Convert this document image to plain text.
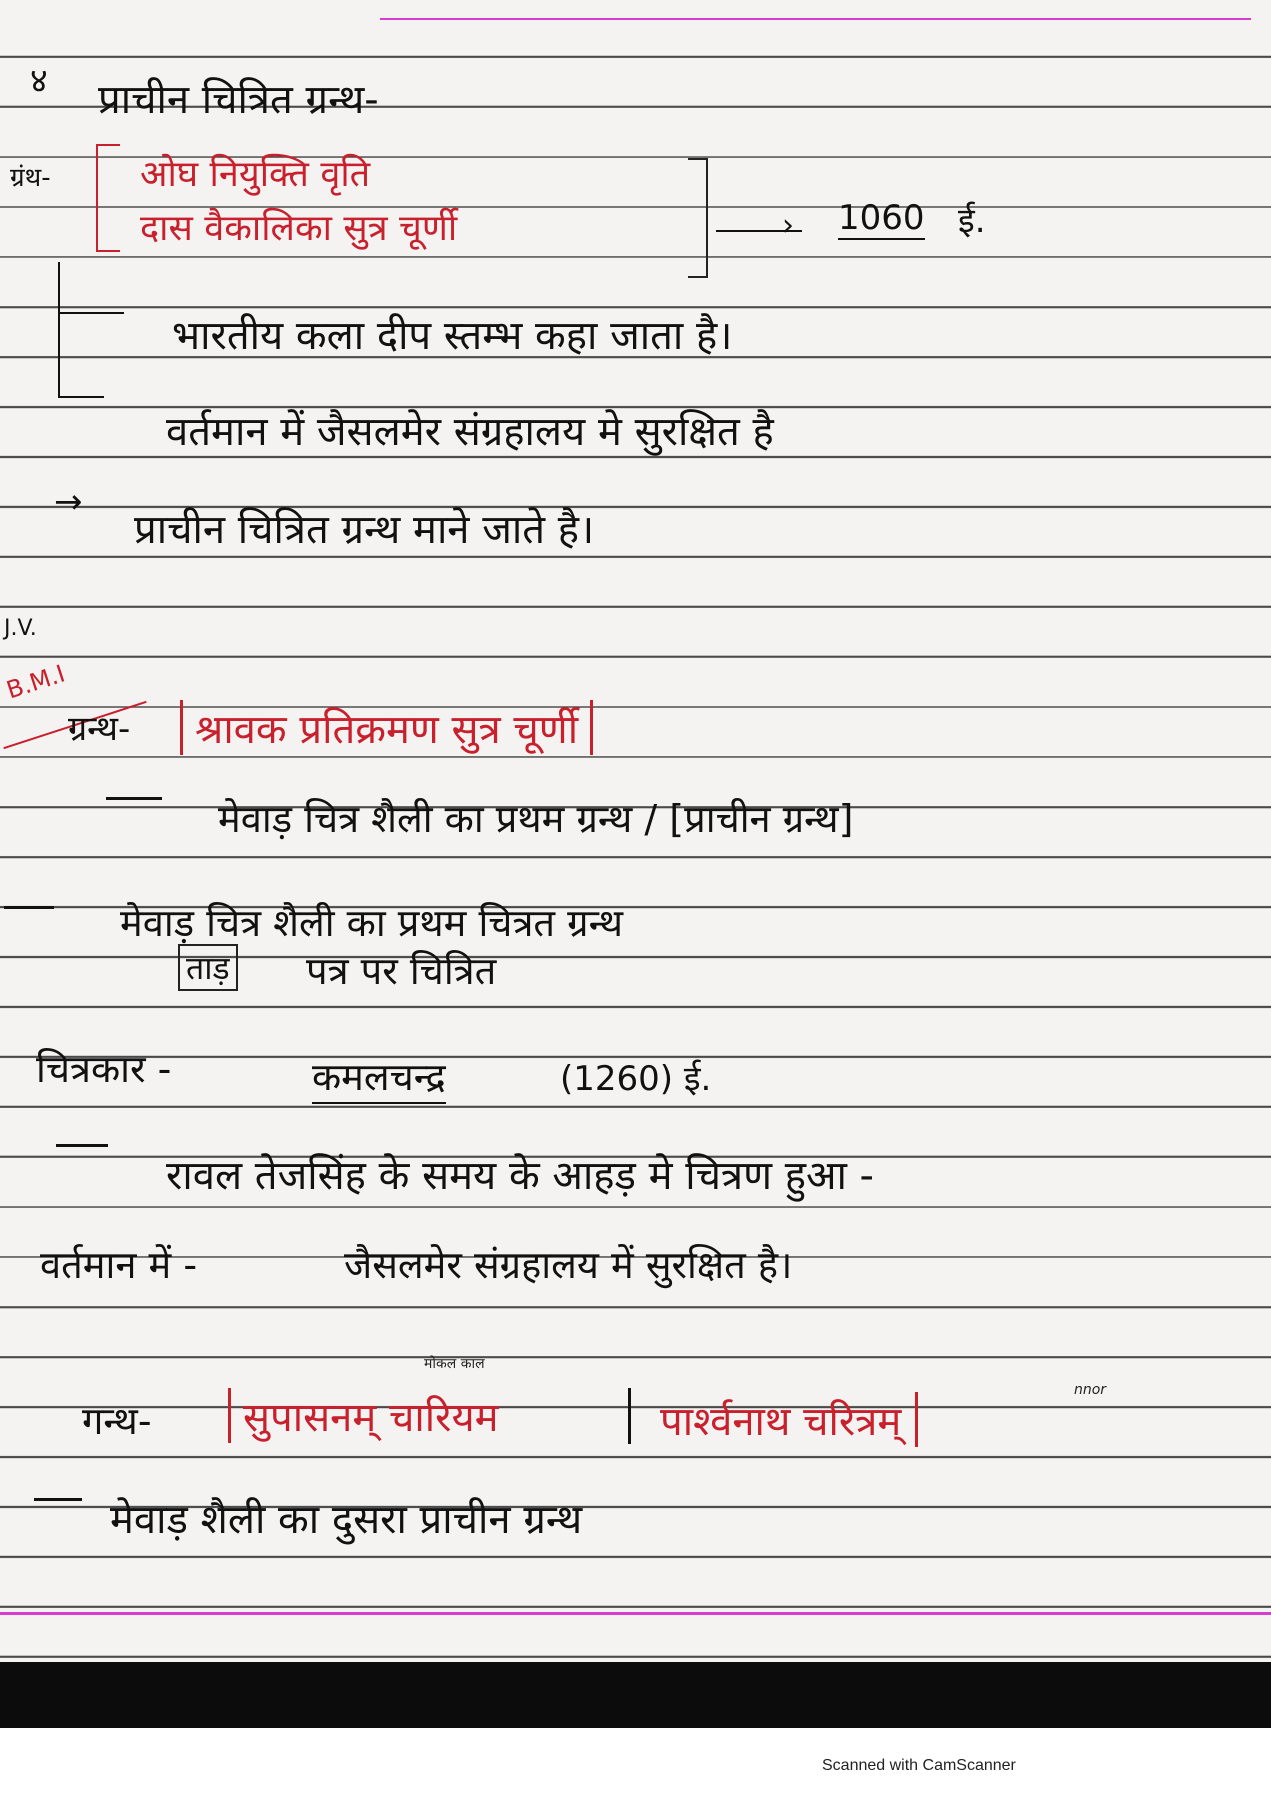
४ प्राचीन चित्रित ग्रन्थ-
ग्रंथ- ओघ नियुक्ति वृति
दास वैकालिका सुत्र चूर्णी	› 1060 ई.
भारतीय कला दीप स्तम्भ कहा जाता है।
वर्तमान में जैसलमेर संग्रहालय मे सुरक्षित है
→
प्राचीन चित्रित ग्रन्थ माने जाते है।
J.V.
B.M.I
ग्रन्थ-	श्रावक प्रतिक्रमण सुत्र चूर्णी
मेवाड़ चित्र शैली का प्रथम ग्रन्थ / [प्राचीन ग्रन्थ]
मेवाड़ चित्र शैली का प्रथम चित्रत ग्रन्थ
ताड़ पत्र पर चित्रित
चित्रकार -	कमलचन्द्र	(1260) ई.
रावल तेजसिंह के समय के आहड़ मे चित्रण हुआ -
वर्तमान में -	जैसलमेर संग्रहालय में सुरक्षित है।
मोकल काल
nnor
गन्थ-	सुपासनम् चारियम	पार्श्वनाथ चरित्रम्
मेवाड़ शैली का दुसरा प्राचीन ग्रन्थ
Scanned with CamScanner
